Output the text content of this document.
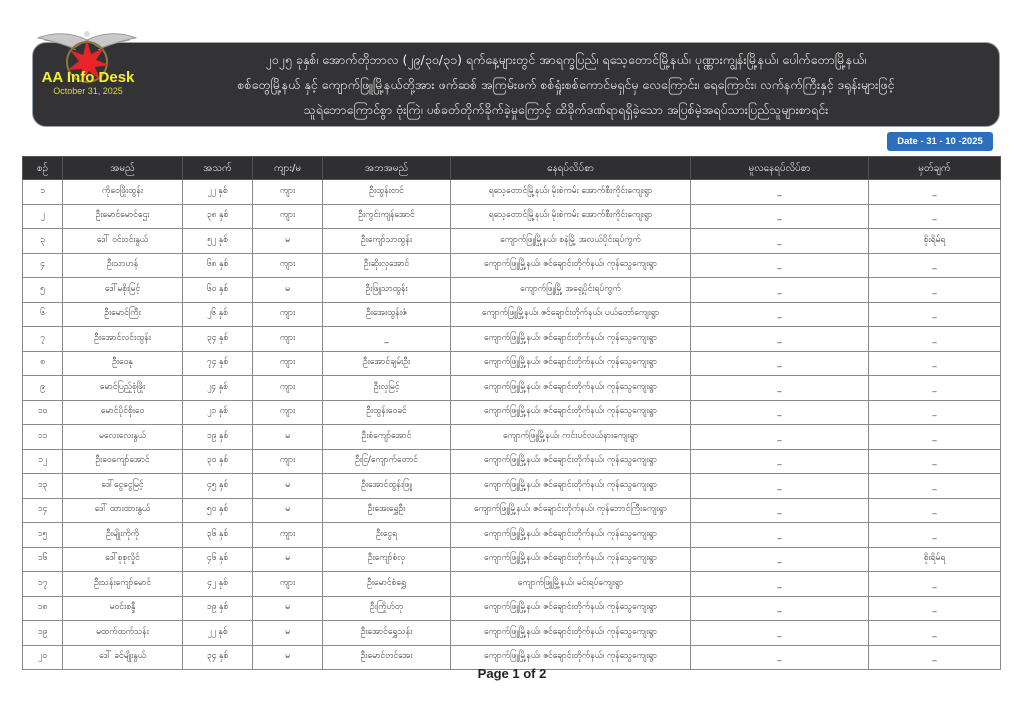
၂၀၂၅ ခုနှစ်၊ အောက်တိုဘာလ (၂၉/၃၀/၃၁) ရက်နေ့များတွင် အာရက္ခပြည်၊ ရသေ့တောင်မြို့နယ်၊ ပုဏ္ဏားကျွန်းမြို့နယ်၊ ပေါက်တောမြို့နယ်၊
စစ်တွေမြို့နယ် နှင့် ကျောက်ဖြူမြို့နယ်တို့အား ဖက်ဆစ် အကြမ်းဖက် စစ်ရှုံးစစ်ကောင်မရှင်မှ လေကြောင်း၊ ရေကြောင်း၊ လက်နက်ကြီးနှင့် ဒရုန်းများဖြင့်
သူရဲဘောကြောင်စွာ ဗုံးကြဲ၊ ပစ်ခတ်တိုက်ခိုက်ခဲ့မှုကြောင့် ထိခိုက်ဒဏ်ရာရရှိခဲ့သော အပြစ်မဲ့အရပ်သားပြည်သူများစာရင်း
AA Info Desk
October 31, 2025
Date - 31 - 10 -2025
စဉ်	အမည်	အသက်	ကျား/မ	အဘအမည်	နေရပ်လိပ်စာ	မူလနေရပ်လိပ်စာ	မှတ်ချက်
၁	ကိုဝေဖြိုးထွန်း	၂၂ နှစ်	ကျား	ဦးထွန်းတင်	ရသေ့တောင်မြို့နယ်၊ မိုးစဲကမ်း အောက်စီးကိုင်းကျေးရွာ	_	_
၂	ဦးမောင်မောင်ဌေး	၃၈ နှစ်	ကျား	ဦးကွင်းကျန်အောင်	ရသေ့တောင်မြို့နယ်၊ မိုးစဲကမ်း အောက်စီးကိုင်းကျေးရွာ	_	_
၃	ဒေါ် ဝင်းဝင်းနွယ်	၅၂ နှစ်	မ	ဦးကျော်သာထွန်း	ကျောက်ဖြူမြို့နယ်၊ စနဲမြို့ အလယ်ပိုင်းရပ်ကွက်	_	စိုးရိမ်ရ
၄	ဦးသာဟန်	၆၈ နှစ်	ကျား	ဦးဆိုးလှအောင်	ကျောက်ဖြူမြို့နယ်၊ ဇင်ချောင်းတိုက်နယ်၊ ကုန်သွေကျေးရွာ	_	_
၅	ဒေါ်မစိုးမြင့်	၆၀ နှစ်	မ	ဦးဖြူသာထွန်း	ကျောက်ဖြူမြို့ အရှေ့ပိုင်းရပ်ကွက်	_	_
၆	ဦးမောင်ကြီး	၂၆ နှစ်	ကျား	ဦးအေးထွန်းဇံ	ကျောက်ဖြူမြို့နယ်၊ ဇင်ချောင်းတိုက်နယ်၊ ပယ်တော်ကျေးရွာ	_	_
၇	ဦးအောင်လင်းထွန်း	၃၄ နှစ်	ကျား	_	ကျောက်ဖြူမြို့နယ်၊ ဇင်ချောင်းတိုက်နယ်၊ ကုန်သွေကျေးရွာ	_	_
၈	ဦးဝေနု	၇၄ နှစ်	ကျား	ဦးအောင်ချမ်းဦး	ကျောက်ဖြူမြို့နယ်၊ ဇင်ချောင်းတိုက်နယ်၊ ကုန်သွေကျေးရွာ	_	_
၉	မောင်ပြည့်စုံဖြိုး	၂၄ နှစ်	ကျား	ဦးလှမြင့်	ကျောက်ဖြူမြို့နယ်၊ ဇင်ချောင်းတိုက်နယ်၊ ကုန်သွေကျေးရွာ	_	_
၁၀	မောင်ပိုင်စိုးဝေ	၂၁ နှစ်	ကျား	ဦးထွန်းဝေခင်	ကျောက်ဖြူမြို့နယ်၊ ဇင်ချောင်းတိုက်နယ်၊ ကုန်သွေကျေးရွာ	_	_
၁၁	မလေးလေးနွယ်	၁၉ နှစ်	မ	ဦးစံကျော်အောင်	ကျောက်ဖြူမြို့နယ်၊ ကင်းပင်လယ်နားကျေးရွာ	_	_
၁၂	ဦးဝေကျော်အောင်	၃၀ နှစ်	ကျား	ဦးငြ/ကျောက်တောင်	ကျောက်ဖြူမြို့နယ်၊ ဇင်ချောင်းတိုက်နယ်၊ ကုန်သွေကျေးရွာ	_	_
၁၃	ဒေါ်ငွေငွေမြင့်	၄၅ နှစ်	မ	ဦးအောင်ထွန်းဖြူ	ကျောက်ဖြူမြို့နယ်၊ ဇင်ချောင်းတိုက်နယ်၊ ကုန်သွေကျေးရွာ	_	_
၁၄	ဒေါ် ထားထားနွယ်	၅၀ နှစ်	မ	ဦးအေးရွှေဦး	ကျောက်ဖြူမြို့နယ်၊ ဇင်ချောင်းတိုက်နယ်၊ ကုန်ဘောင်ကြီးကျေးရွာ	_	_
၁၅	ဦးမျိုးကိုကို	၃၆ နှစ်	ကျား	ဦးငွေရ	ကျောက်ဖြူမြို့နယ်၊ ဇင်ချောင်းတိုက်နယ်၊ ကုန်သွေကျေးရွာ	_	_
၁၆	ဒေါ်စုစုလှိုင်	၄၆ နှစ်	မ	ဦးကျော်စံလှ	ကျောက်ဖြူမြို့နယ်၊ ဇင်ချောင်းတိုက်နယ်၊ ကုန်သွေကျေးရွာ	_	စိုးရိမ်ရ
၁၇	ဦးသန်းကျော်မောင်	၄၂ နှစ်	ကျား	ဦးမောင်စံရွှေ	ကျောက်ဖြူမြို့နယ်၊ မင်းရပ်ကျေးရွာ	_	_
၁၈	မဝင်းစန္ဒီ	၁၉ နှစ်	မ	ဦးကြိုဟ်တု	ကျောက်ဖြူမြို့နယ်၊ ဇင်ချောင်းတိုက်နယ်၊ ကုန်သွေကျေးရွာ	_	_
၁၉	မထက်ထက်သန်း	၂၂ နှစ်	မ	ဦးအောင်ရွှေသန်း	ကျောက်ဖြူမြို့နယ်၊ ဇင်ချောင်းတိုက်နယ်၊ ကုန်သွေကျေးရွာ	_	_
၂၀	ဒေါ် ခင်မျိုးနွယ်	၃၄ နှစ်	မ	ဦးမောင်တင်အေး	ကျောက်ဖြူမြို့နယ်၊ ဇင်ချောင်းတိုက်နယ်၊ ကုန်သွေကျေးရွာ	_	_
Page 1 of 2
